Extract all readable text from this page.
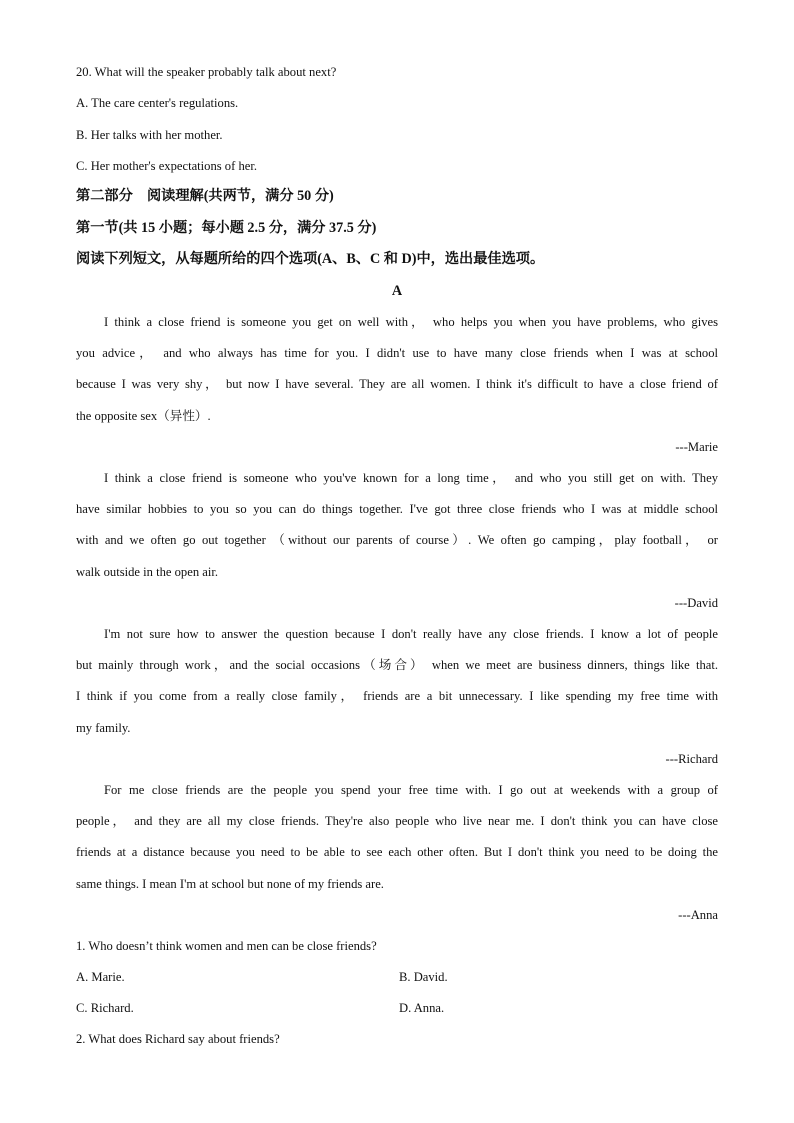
20. What will the speaker probably talk about next?
A. The care center's regulations.
B. Her talks with her mother.
C. Her mother's expectations of her.
第二部分　阅读理解(共两节，满分 50 分)
第一节(共 15 小题；每小题 2.5 分，满分 37.5 分)
阅读下列短文，从每题所给的四个选项(A、B、C 和 D)中，选出最佳选项。
A
I think a close friend is someone you get on well with， who helps you when you have problems, who gives
you advice， and who always has time for you. I didn't use to have many close friends when I was at school
because I was very shy， but now I have several. They are all women. I think it's difficult to have a close friend of
the opposite sex（异性）.
---Marie
I think a close friend is someone who you've known for a long time， and who you still get on with. They
have similar hobbies to you so you can do things together. I've got three close friends who I was at middle school
with and we often go out together （without our parents of course）. We often go camping，play football， or
walk outside in the open air.
---David
I'm not sure how to answer the question because I don't really have any close friends. I know a lot of people
but mainly through work，and the social occasions（场合） when we meet are business dinners, things like that.
I think if you come from a really close family， friends are a bit unnecessary. I like spending my free time with
my family.
---Richard
For me close friends are the people you spend your free time with. I go out at weekends with a group of
people， and they are all my close friends. They're also people who live near me. I don't think you can have close
friends at a distance because you need to be able to see each other often. But I don't think you need to be doing the
same things. I mean I'm at school but none of my friends are.
---Anna
1. Who doesn’t think women and men can be close friends?
A. Marie.	B. David.
C. Richard.	D. Anna.
2. What does Richard say about friends?
